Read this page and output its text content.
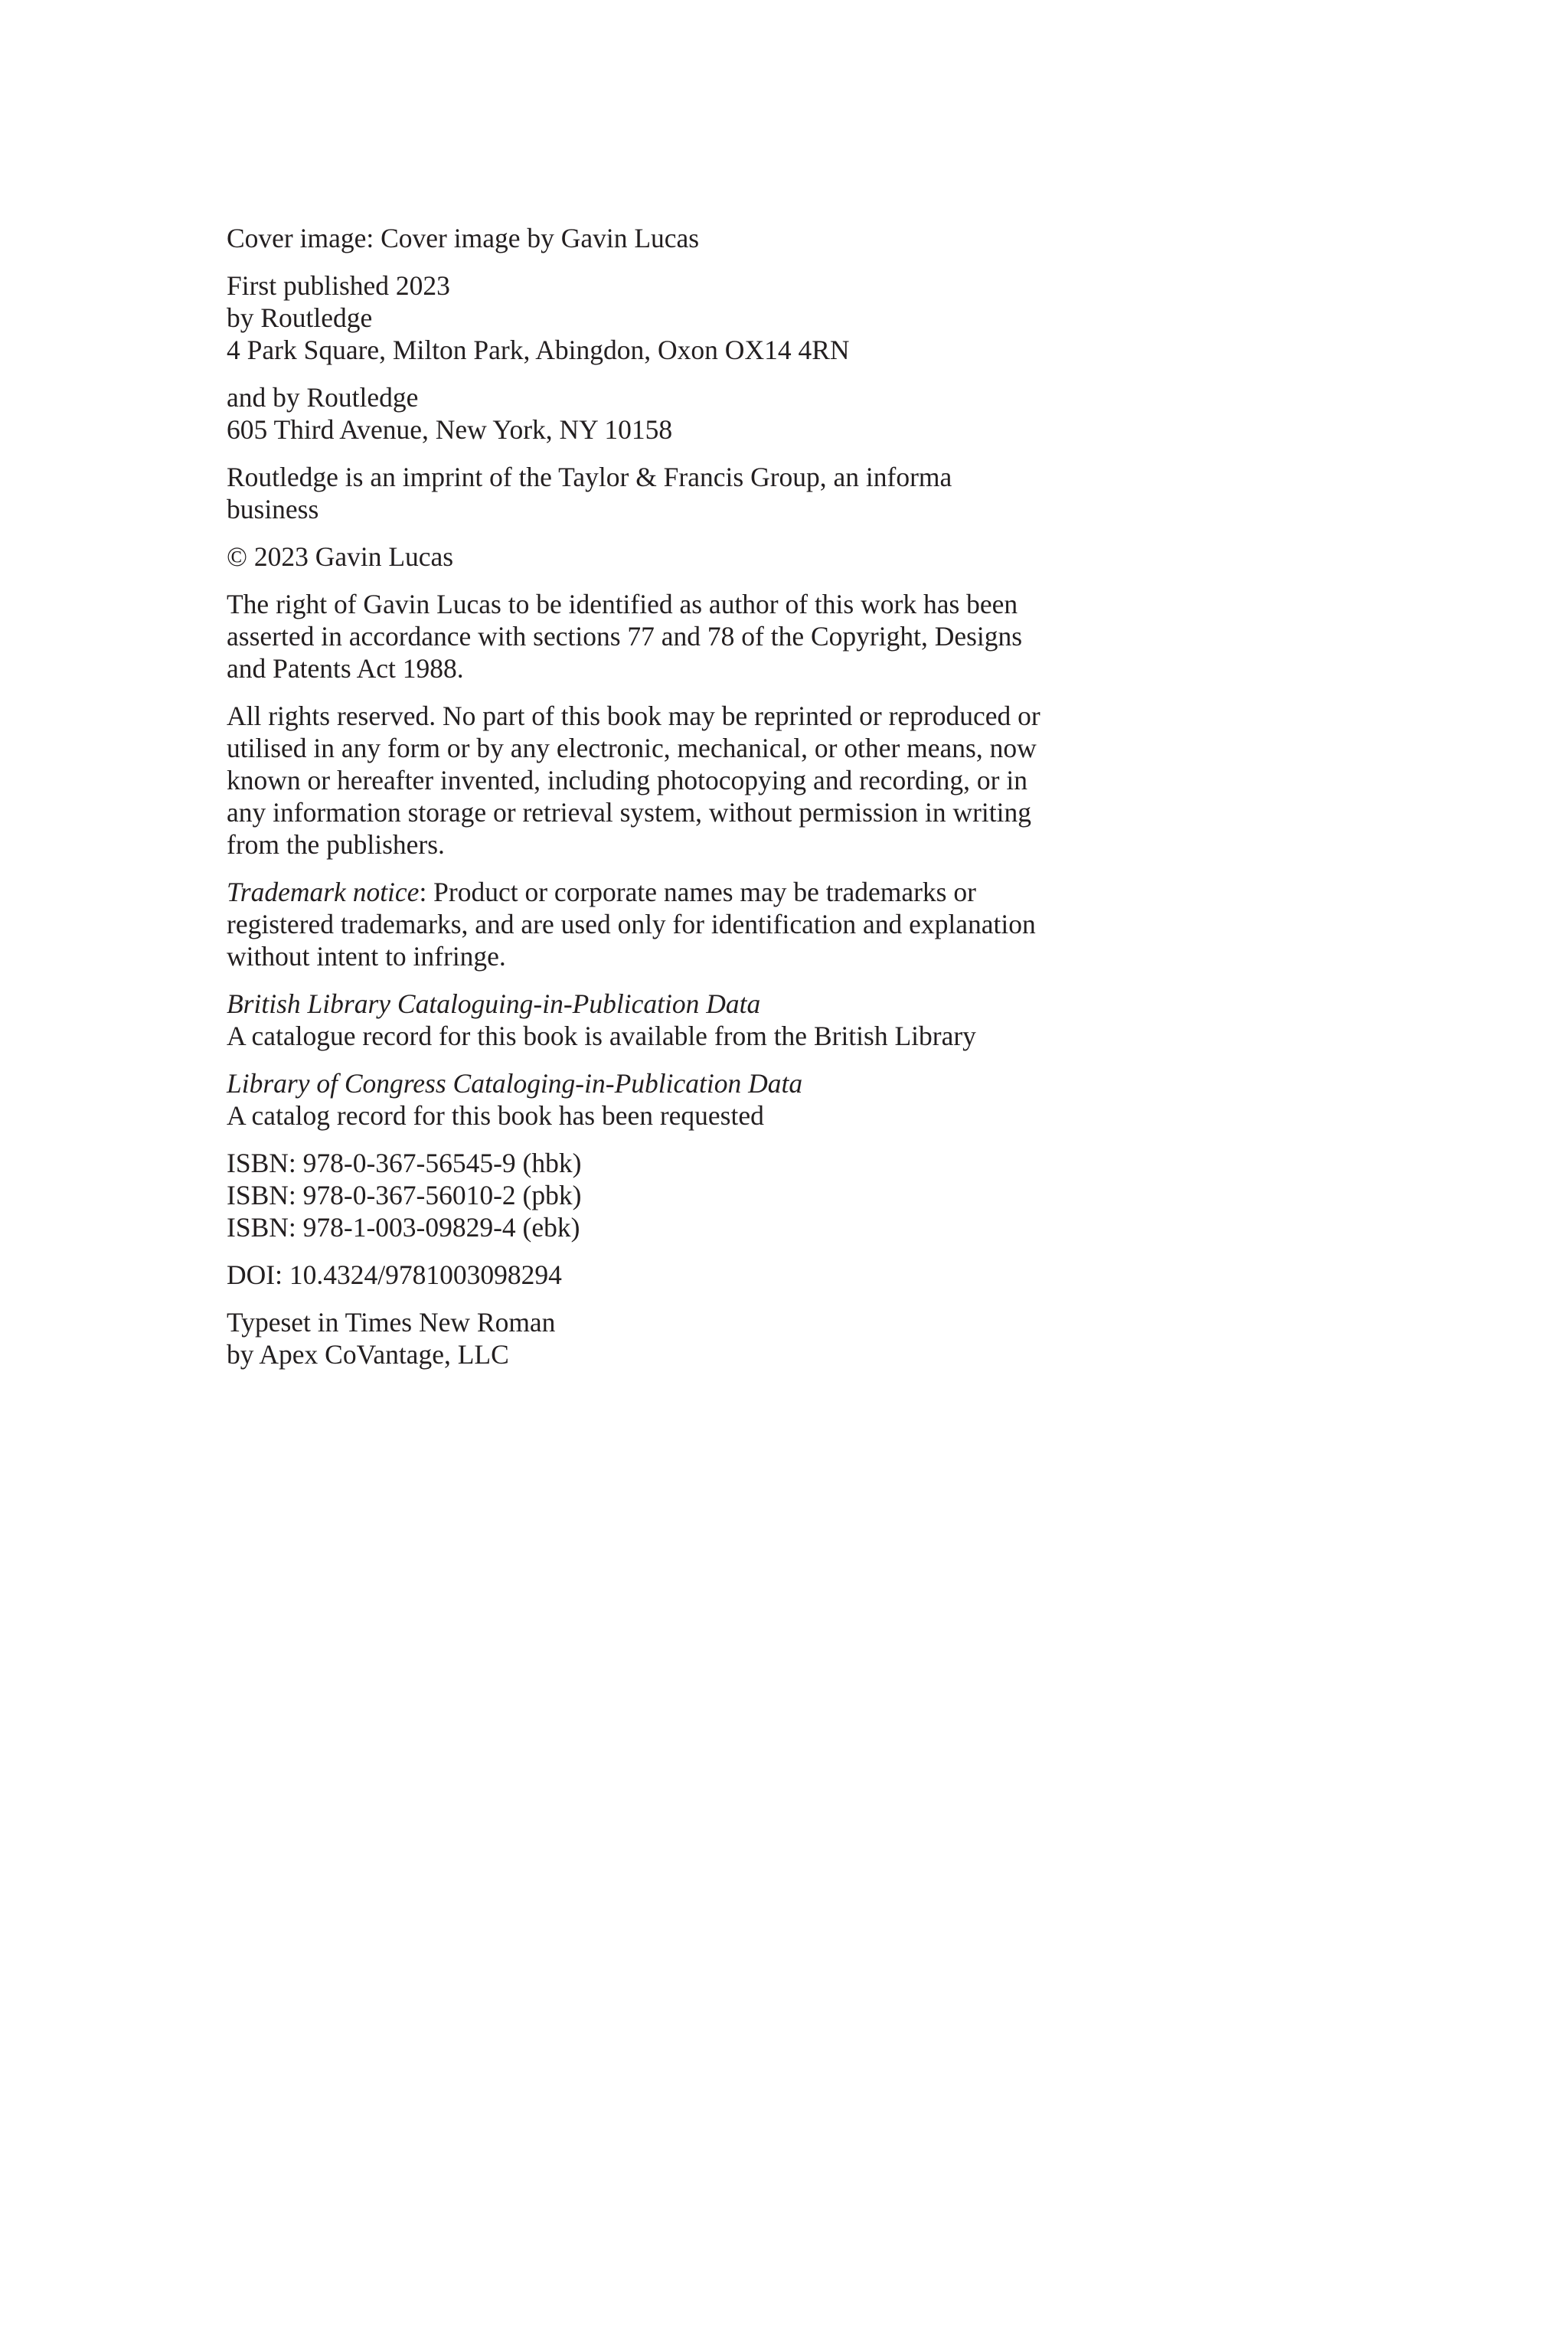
Cover image: Cover image by Gavin Lucas
First published 2023
by Routledge
4 Park Square, Milton Park, Abingdon, Oxon OX14 4RN
and by Routledge
605 Third Avenue, New York, NY 10158
Routledge is an imprint of the Taylor & Francis Group, an informa
business
© 2023 Gavin Lucas
The right of Gavin Lucas to be identified as author of this work has been
asserted in accordance with sections 77 and 78 of the Copyright, Designs
and Patents Act 1988.
All rights reserved. No part of this book may be reprinted or reproduced or
utilised in any form or by any electronic, mechanical, or other means, now
known or hereafter invented, including photocopying and recording, or in
any information storage or retrieval system, without permission in writing
from the publishers.
Trademark notice: Product or corporate names may be trademarks or
registered trademarks, and are used only for identification and explanation
without intent to infringe.
British Library Cataloguing-in-Publication Data
A catalogue record for this book is available from the British Library
Library of Congress Cataloging-in-Publication Data
A catalog record for this book has been requested
ISBN: 978-0-367-56545-9 (hbk)
ISBN: 978-0-367-56010-2 (pbk)
ISBN: 978-1-003-09829-4 (ebk)
DOI: 10.4324/9781003098294
Typeset in Times New Roman
by Apex CoVantage, LLC
